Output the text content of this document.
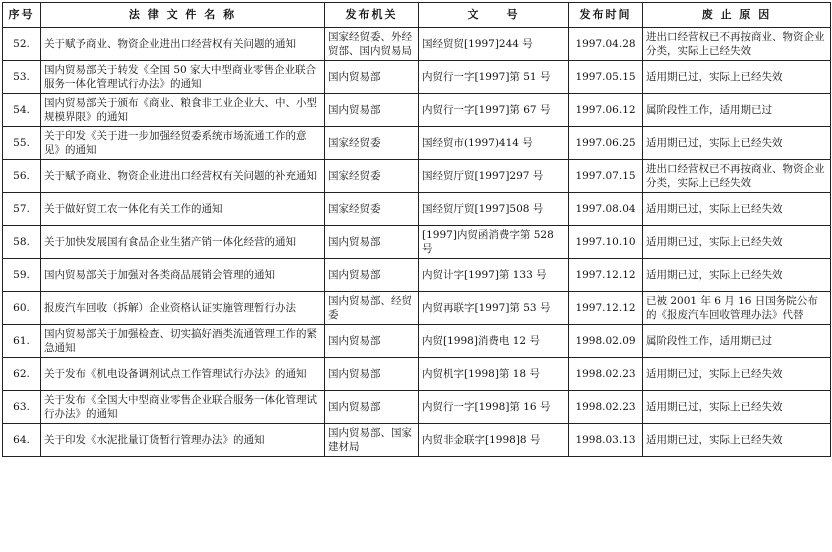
序号	法 律 文 件 名 称	发布机关	文　　号	发布时间	废 止 原 因
52.	关于赋予商业、物资企业进出口经营权有关问题的通知	国家经贸委、外经贸部、国内贸易局	国经贸贸[1997]244 号	1997.04.28	进出口经营权已不再按商业、物资企业分类，实际上已经失效
53.	国内贸易部关于转发《全国 50 家大中型商业零售企业联合服务一体化管理试行办法》的通知	国内贸易部	内贸行一字[1997]第 51 号	1997.05.15	适用期已过，实际上已经失效
54.	国内贸易部关于颁布《商业、粮食非工业企业大、中、小型规模界限》的通知	国内贸易部	内贸行一字[1997]第 67 号	1997.06.12	属阶段性工作，适用期已过
55.	关于印发《关于进一步加强经贸委系统市场流通工作的意见》的通知	国家经贸委	国经贸市(1997)414 号	1997.06.25	适用期已过，实际上已经失效
56.	关于赋予商业、物资企业进出口经营权有关问题的补充通知	国家经贸委	国经贸厅贸[1997]297 号	1997.07.15	进出口经营权已不再按商业、物资企业分类，实际上已经失效
57.	关于做好贸工农一体化有关工作的通知	国家经贸委	国经贸厅贸[1997]508 号	1997.08.04	适用期已过，实际上已经失效
58.	关于加快发展国有食品企业生猪产销一体化经营的通知	国内贸易部	[1997]内贸函消费字第 528 号	1997.10.10	适用期已过，实际上已经失效
59.	国内贸易部关于加强对各类商品展销会管理的通知	国内贸易部	内贸计字[1997]第 133 号	1997.12.12	适用期已过，实际上已经失效
60.	报废汽车回收（拆解）企业资格认证实施管理暂行办法	国内贸易部、经贸委	内贸再联字[1997]第 53 号	1997.12.12	已被 2001 年 6 月 16 日国务院公布的《报废汽车回收管理办法》代替
61.	国内贸易部关于加强检查、切实搞好酒类流通管理工作的紧急通知	国内贸易部	内贸[1998]消费电 12 号	1998.02.09	属阶段性工作，适用期已过
62.	关于发布《机电设备调剂试点工作管理试行办法》的通知	国内贸易部	内贸机字[1998]第 18 号	1998.02.23	适用期已过，实际上已经失效
63.	关于发布《全国大中型商业零售企业联合服务一体化管理试行办法》的通知	国内贸易部	内贸行一字[1998]第 16 号	1998.02.23	适用期已过，实际上已经失效
64.	关于印发《水泥批量订货暂行管理办法》的通知	国内贸易部、国家建材局	内贸非金联字[1998]8 号	1998.03.13	适用期已过，实际上已经失效
